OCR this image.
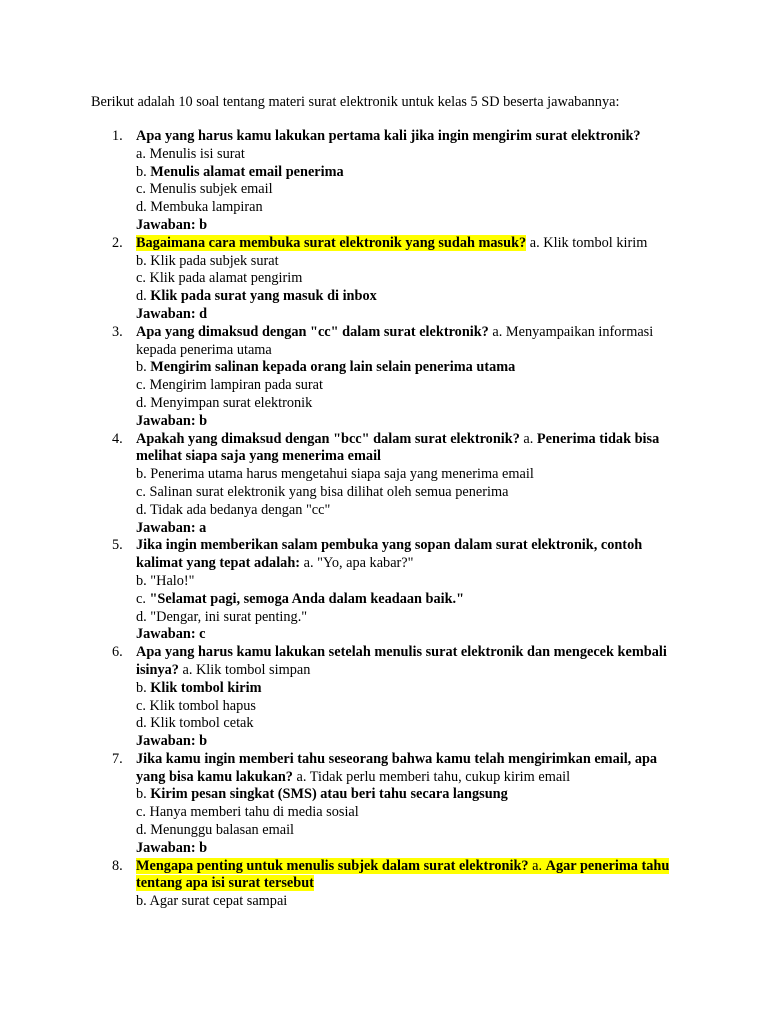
Berikut adalah 10 soal tentang materi surat elektronik untuk kelas 5 SD beserta jawabannya:
1. Apa yang harus kamu lakukan pertama kali jika ingin mengirim surat elektronik?
a. Menulis isi surat
b. Menulis alamat email penerima
c. Menulis subjek email
d. Membuka lampiran
Jawaban: b
2. Bagaimana cara membuka surat elektronik yang sudah masuk? a. Klik tombol kirim
b. Klik pada subjek surat
c. Klik pada alamat pengirim
d. Klik pada surat yang masuk di inbox
Jawaban: d
3. Apa yang dimaksud dengan "cc" dalam surat elektronik? a. Menyampaikan informasi kepada penerima utama
b. Mengirim salinan kepada orang lain selain penerima utama
c. Mengirim lampiran pada surat
d. Menyimpan surat elektronik
Jawaban: b
4. Apakah yang dimaksud dengan "bcc" dalam surat elektronik? a. Penerima tidak bisa melihat siapa saja yang menerima email
b. Penerima utama harus mengetahui siapa saja yang menerima email
c. Salinan surat elektronik yang bisa dilihat oleh semua penerima
d. Tidak ada bedanya dengan "cc"
Jawaban: a
5. Jika ingin memberikan salam pembuka yang sopan dalam surat elektronik, contoh kalimat yang tepat adalah: a. "Yo, apa kabar?"
b. "Halo!"
c. "Selamat pagi, semoga Anda dalam keadaan baik."
d. "Dengar, ini surat penting."
Jawaban: c
6. Apa yang harus kamu lakukan setelah menulis surat elektronik dan mengecek kembali isinya? a. Klik tombol simpan
b. Klik tombol kirim
c. Klik tombol hapus
d. Klik tombol cetak
Jawaban: b
7. Jika kamu ingin memberi tahu seseorang bahwa kamu telah mengirimkan email, apa yang bisa kamu lakukan? a. Tidak perlu memberi tahu, cukup kirim email
b. Kirim pesan singkat (SMS) atau beri tahu secara langsung
c. Hanya memberi tahu di media sosial
d. Menunggu balasan email
Jawaban: b
8. Mengapa penting untuk menulis subjek dalam surat elektronik? a. Agar penerima tahu tentang apa isi surat tersebut
b. Agar surat cepat sampai
